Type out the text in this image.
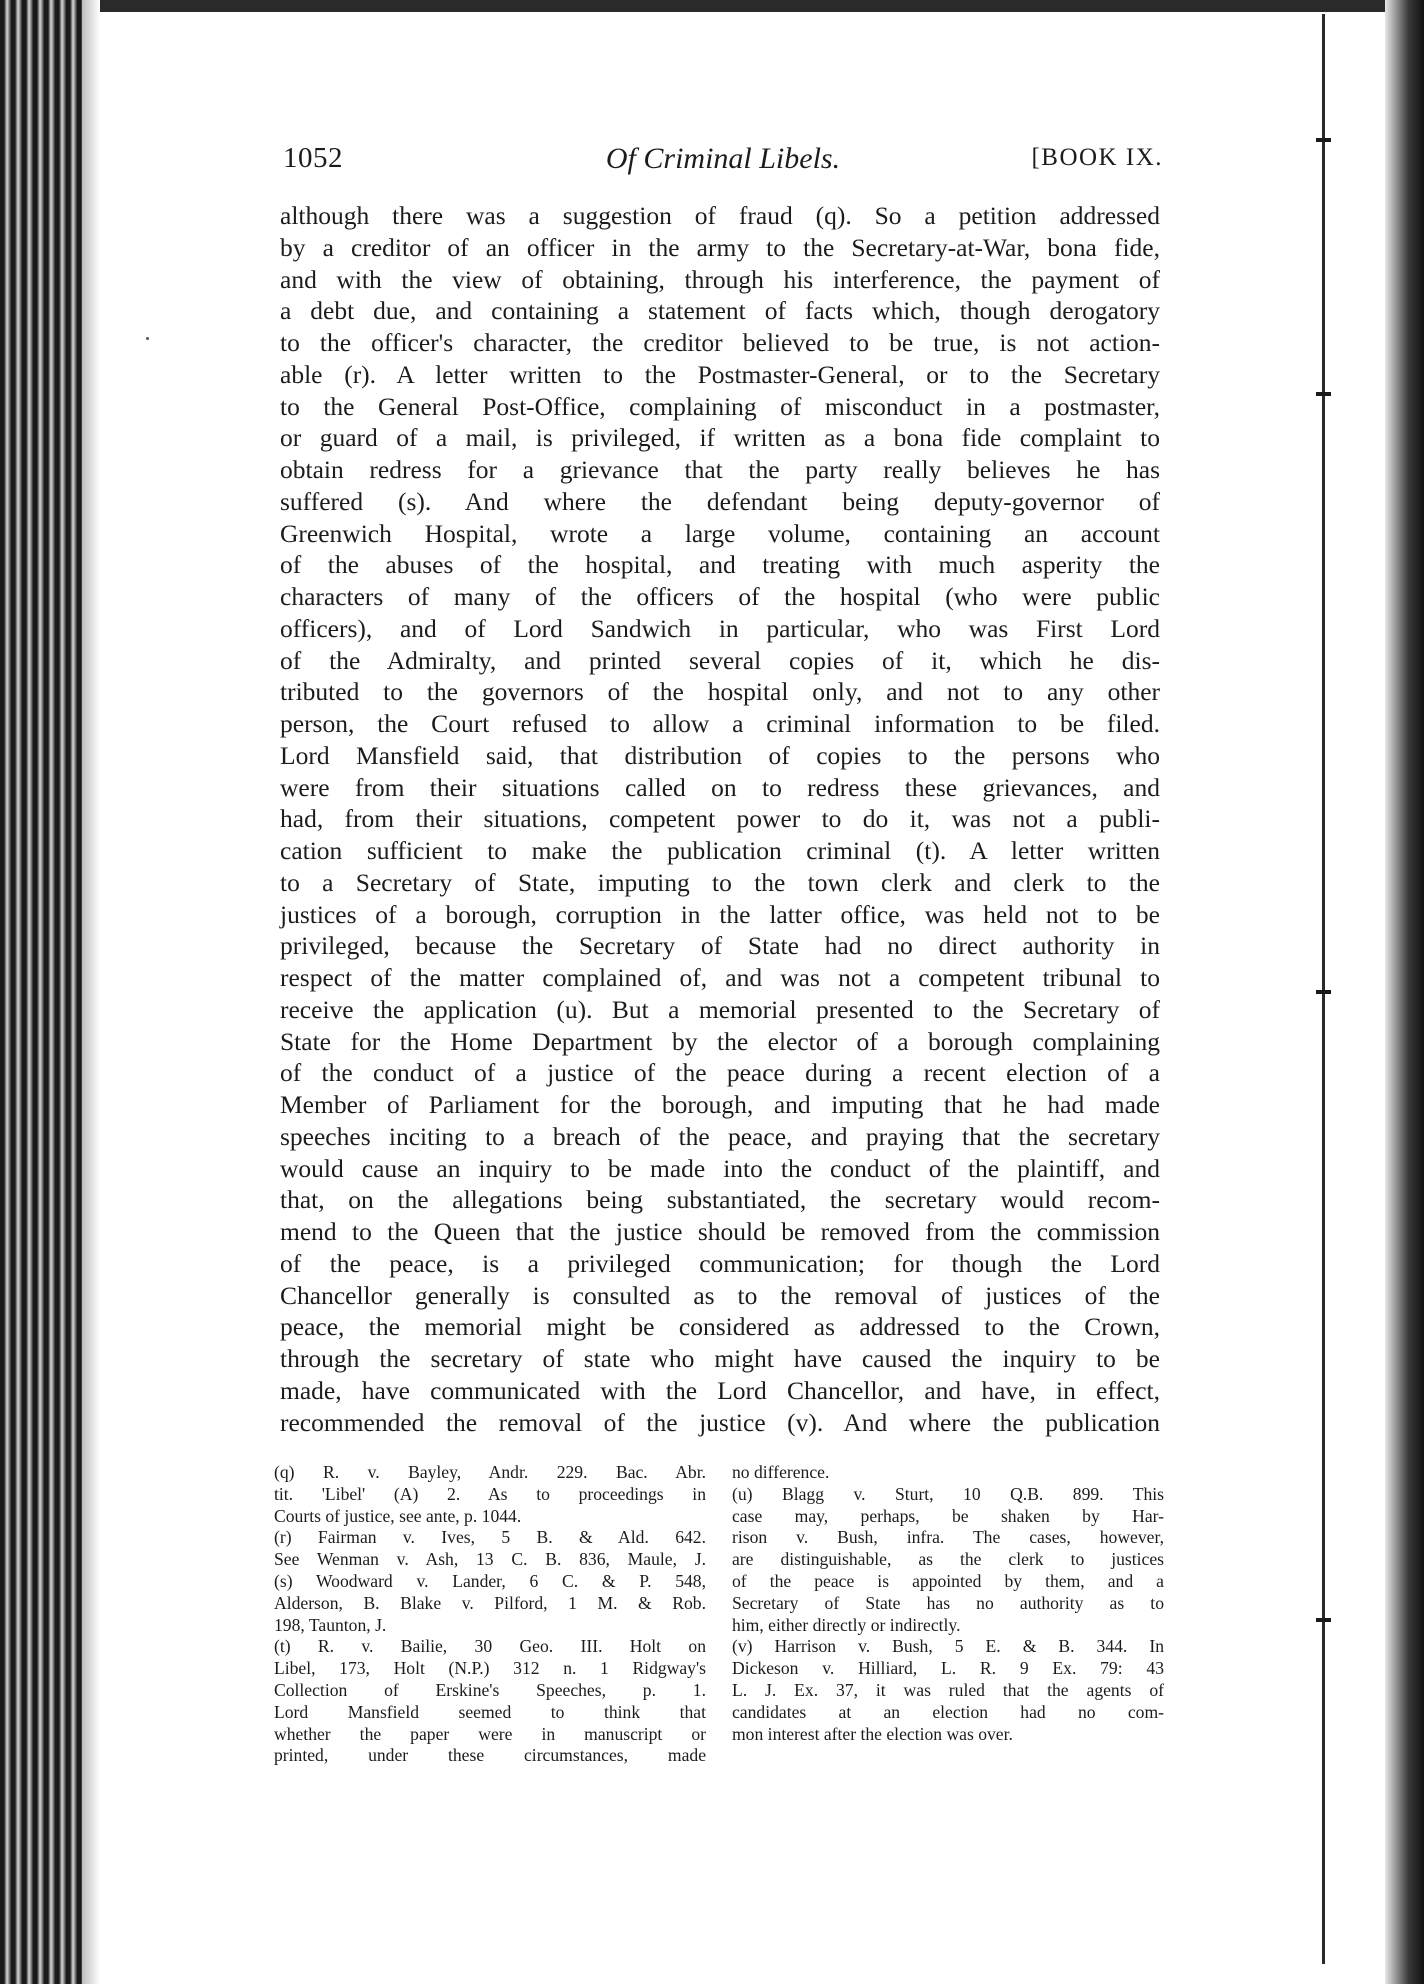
Of Criminal Libels.
1052	[BOOK IX.
although there was a suggestion of fraud (q). So a petition addressed
by a creditor of an officer in the army to the Secretary-at-War, bona fide,
and with the view of obtaining, through his interference, the payment of
a debt due, and containing a statement of facts which, though derogatory
to the officer's character, the creditor believed to be true, is not action-
able (r). A letter written to the Postmaster-General, or to the Secretary
to the General Post-Office, complaining of misconduct in a postmaster,
or guard of a mail, is privileged, if written as a bona fide complaint to
obtain redress for a grievance that the party really believes he has
suffered (s). And where the defendant being deputy-governor of
Greenwich Hospital, wrote a large volume, containing an account
of the abuses of the hospital, and treating with much asperity the
characters of many of the officers of the hospital (who were public
officers), and of Lord Sandwich in particular, who was First Lord
of the Admiralty, and printed several copies of it, which he dis-
tributed to the governors of the hospital only, and not to any other
person, the Court refused to allow a criminal information to be filed.
Lord Mansfield said, that distribution of copies to the persons who
were from their situations called on to redress these grievances, and
had, from their situations, competent power to do it, was not a publi-
cation sufficient to make the publication criminal (t). A letter written
to a Secretary of State, imputing to the town clerk and clerk to the
justices of a borough, corruption in the latter office, was held not to be
privileged, because the Secretary of State had no direct authority in
respect of the matter complained of, and was not a competent tribunal to
receive the application (u). But a memorial presented to the Secretary of
State for the Home Department by the elector of a borough complaining
of the conduct of a justice of the peace during a recent election of a
Member of Parliament for the borough, and imputing that he had made
speeches inciting to a breach of the peace, and praying that the secretary
would cause an inquiry to be made into the conduct of the plaintiff, and
that, on the allegations being substantiated, the secretary would recom-
mend to the Queen that the justice should be removed from the commission
of the peace, is a privileged communication; for though the Lord
Chancellor generally is consulted as to the removal of justices of the
peace, the memorial might be considered as addressed to the Crown,
through the secretary of state who might have caused the inquiry to be
made, have communicated with the Lord Chancellor, and have, in effect,
recommended the removal of the justice (v). And where the publication
(q) R. v. Bayley, Andr. 229. Bac. Abr.
tit. 'Libel' (A) 2. As to proceedings in
Courts of justice, see ante, p. 1044.
(r) Fairman v. Ives, 5 B. & Ald. 642.
See Wenman v. Ash, 13 C. B. 836, Maule, J.
(s) Woodward v. Lander, 6 C. & P. 548,
Alderson, B. Blake v. Pilford, 1 M. & Rob.
198, Taunton, J.
(t) R. v. Bailie, 30 Geo. III. Holt on
Libel, 173, Holt (N.P.) 312 n. 1 Ridgway's
Collection of Erskine's Speeches, p. 1.
Lord Mansfield seemed to think that
whether the paper were in manuscript or
printed, under these circumstances, made
no difference.
(u) Blagg v. Sturt, 10 Q.B. 899. This
case may, perhaps, be shaken by Har-
rison v. Bush, infra. The cases, however,
are distinguishable, as the clerk to justices
of the peace is appointed by them, and a
Secretary of State has no authority as to
him, either directly or indirectly.
(v) Harrison v. Bush, 5 E. & B. 344. In
Dickeson v. Hilliard, L. R. 9 Ex. 79: 43
L. J. Ex. 37, it was ruled that the agents of
candidates at an election had no com-
mon interest after the election was over.
